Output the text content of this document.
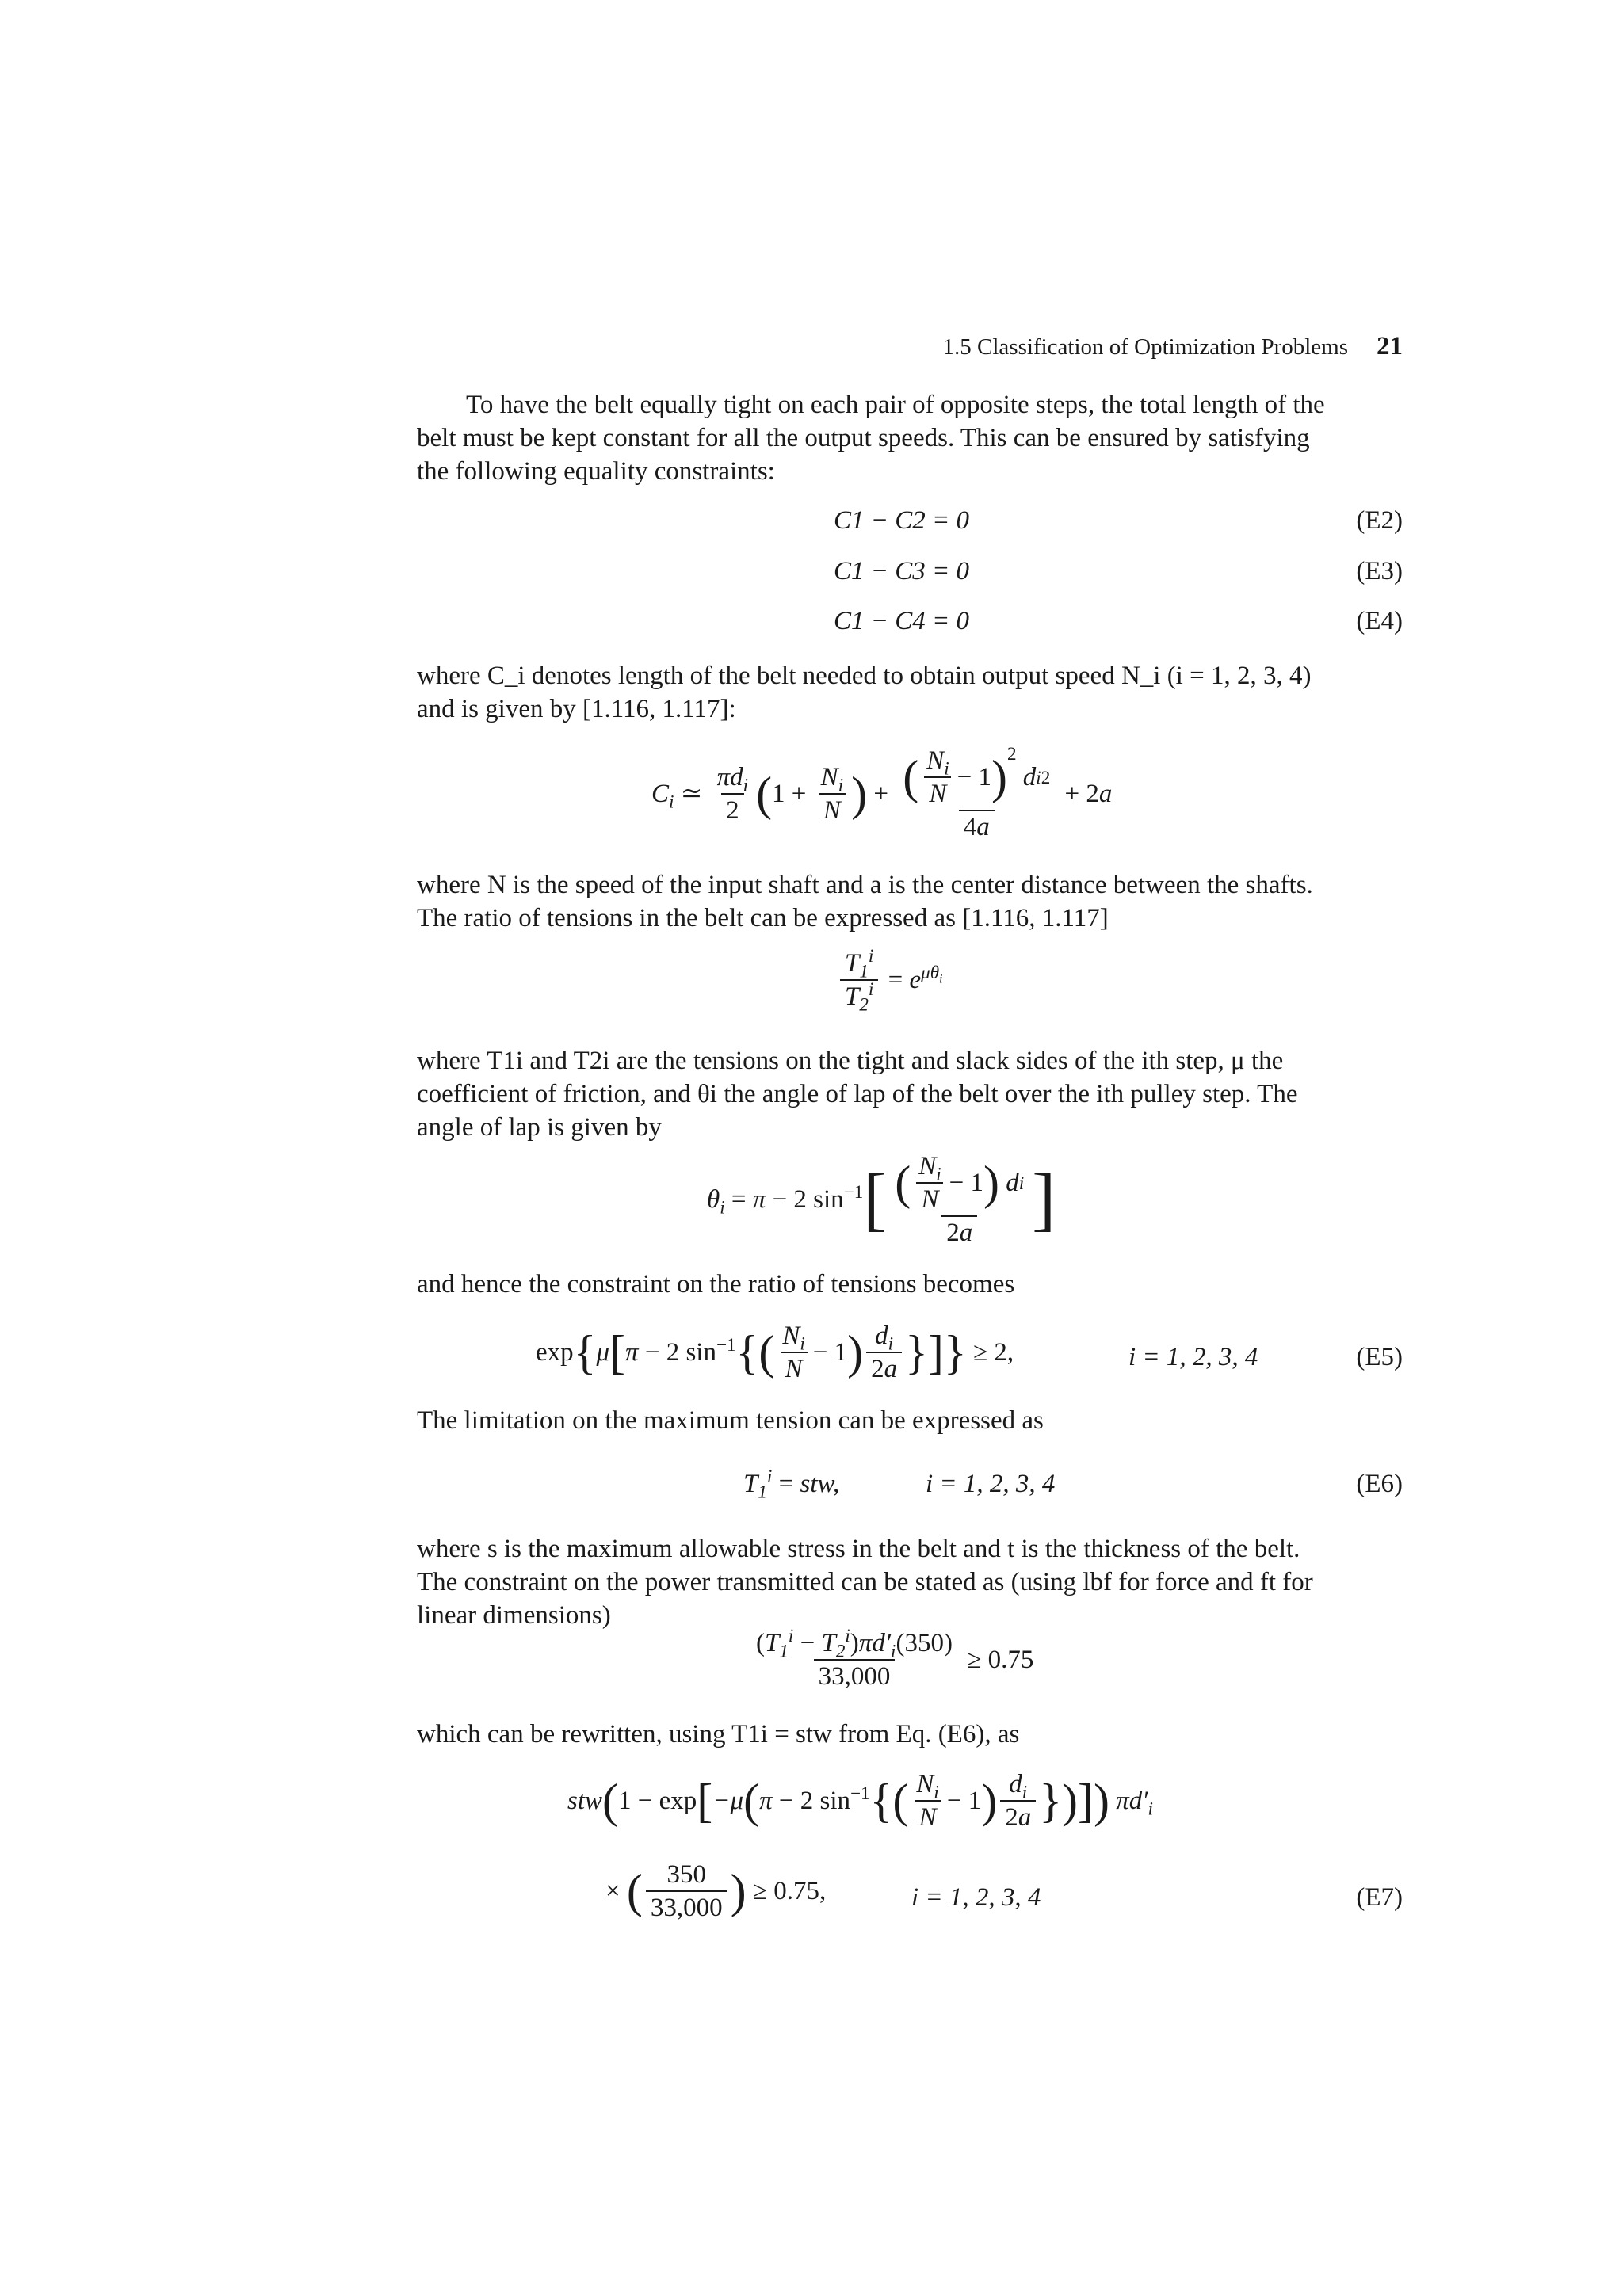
1.5 Classification of Optimization Problems 21
To have the belt equally tight on each pair of opposite steps, the total length of the
belt must be kept constant for all the output speeds. This can be ensured by satisfying
the following equality constraints:
C1 − C2 = 0	(E2)
C1 − C3 = 0	(E3)
C1 − C4 = 0	(E4)
where C_i denotes length of the belt needed to obtain output speed N_i (i = 1, 2, 3, 4)
and is given by [1.116, 1.117]:
$C_i$ ≃ $\frac{\pi d_i}{2}$ ( $1 + \frac{N_i}{N}$ ) + ( $\frac{N_i}{N} - 1$ )$^2$
d i 2
4a + 2 a
where N is the speed of the input shaft and a is the center distance between the shafts.
The ratio of tensions in the belt can be expressed as [1.116, 1.117]
$\frac{T_1^i}{T_2^i} = e^{\mu\theta_i}$
where T1i and T2i are the tensions on the tight and slack sides of the ith step, μ the
coefficient of friction, and θi the angle of lap of the belt over the ith pulley step. The
angle of lap is given by
$\theta_i = \pi - 2$ $\sin^{-1}$ [ $\frac{( \frac{N_i}{N} - 1 ) d i}{2a}$ ]
and hence the constraint on the ratio of tensions becomes
exp { μ [ π − 2 $\sin^{-1}$ { ( $\frac{N_i}{N} - 1$ ) $\frac{d_i}{2a}$ }]} ≥ 2,	i = 1, 2, 3, 4	(E5)
The limitation on the maximum tension can be expressed as
$T_1^i$ = stw,	i = 1, 2, 3, 4	(E6)
where s is the maximum allowable stress in the belt and t is the thickness of the belt.
The constraint on the power transmitted can be stated as (using lbf for force and ft for
linear dimensions)
$\frac{(T_1^i - T_2^i)\pi d'_i(350)}{33,000} \ge 0.75$
which can be rewritten, using T1i = stw from Eq. (E6), as
stw ( 1 − exp [ −μ ( π − 2 $\sin^{-1}$ { ( $\frac{N_i}{N} - 1$ ) $\frac{d_i}{2a}$ })]) $\pi d'_i$
× ( $\frac{350}{33,000}$ ) ≥ 0.75,	i = 1, 2, 3, 4	(E7)
